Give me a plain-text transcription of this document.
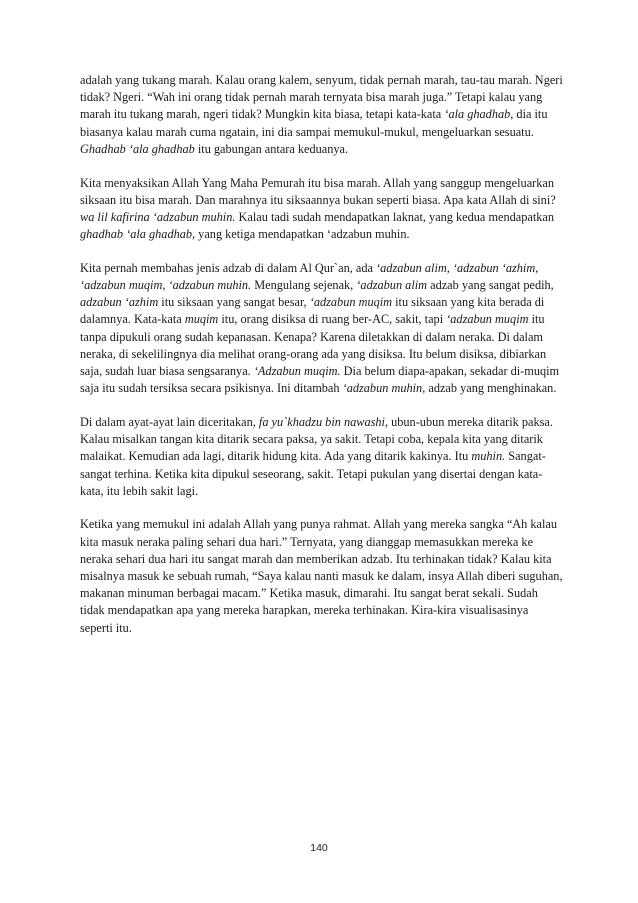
adalah yang tukang marah. Kalau orang kalem, senyum, tidak pernah marah, tau-tau marah. Ngeri tidak? Ngeri. “Wah ini orang tidak pernah marah ternyata bisa marah juga.” Tetapi kalau yang marah itu tukang marah, ngeri tidak? Mungkin kita biasa, tetapi kata-kata ‘ala ghadhab, dia itu biasanya kalau marah cuma ngatain, ini dia sampai memukul-mukul, mengeluarkan sesuatu. Ghadhab ‘ala ghadhab itu gabungan antara keduanya.

Kita menyaksikan Allah Yang Maha Pemurah itu bisa marah. Allah yang sanggup mengeluarkan siksaan itu bisa marah. Dan marahnya itu siksaannya bukan seperti biasa. Apa kata Allah di sini? wa lil kafirina ‘adzabun muhin. Kalau tadi sudah mendapatkan laknat, yang kedua mendapatkan ghadhab ‘ala ghadhab, yang ketiga mendapatkan ‘adzabun muhin.

Kita pernah membahas jenis adzab di dalam Al Qur`an, ada ‘adzabun alim, ‘adzabun ‘azhim, ‘adzabun muqim, ‘adzabun muhin. Mengulang sejenak, ‘adzabun alim adzab yang sangat pedih, adzabun ‘azhim itu siksaan yang sangat besar, ‘adzabun muqim itu siksaan yang kita berada di dalamnya. Kata-kata muqim itu, orang disiksa di ruang ber-AC, sakit, tapi ‘adzabun muqim itu tanpa dipukuli orang sudah kepanasan. Kenapa? Karena diletakkan di dalam neraka. Di dalam neraka, di sekelilingnya dia melihat orang-orang ada yang disiksa. Itu belum disiksa, dibiarkan saja, sudah luar biasa sengsaranya. ‘Adzabun muqim. Dia belum diapa-apakan, sekadar di-muqim saja itu sudah tersiksa secara psikisnya. Ini ditambah ‘adzabun muhin, adzab yang menghinakan.

Di dalam ayat-ayat lain diceritakan, fa yu`khadzu bin nawashi, ubun-ubun mereka ditarik paksa. Kalau misalkan tangan kita ditarik secara paksa, ya sakit. Tetapi coba, kepala kita yang ditarik malaikat. Kemudian ada lagi, ditarik hidung kita. Ada yang ditarik kakinya. Itu muhin. Sangat-sangat terhina. Ketika kita dipukul seseorang, sakit. Tetapi pukulan yang disertai dengan kata-kata, itu lebih sakit lagi.

Ketika yang memukul ini adalah Allah yang punya rahmat. Allah yang mereka sangka “Ah kalau kita masuk neraka paling sehari dua hari.” Ternyata, yang dianggap memasukkan mereka ke neraka sehari dua hari itu sangat marah dan memberikan adzab. Itu terhinakan tidak? Kalau kita misalnya masuk ke sebuah rumah, “Saya kalau nanti masuk ke dalam, insya Allah diberi suguhan, makanan minuman berbagai macam.” Ketika masuk, dimarahi. Itu sangat berat sekali. Sudah tidak mendapatkan apa yang mereka harapkan, mereka terhinakan. Kira-kira visualisasinya seperti itu.

140
